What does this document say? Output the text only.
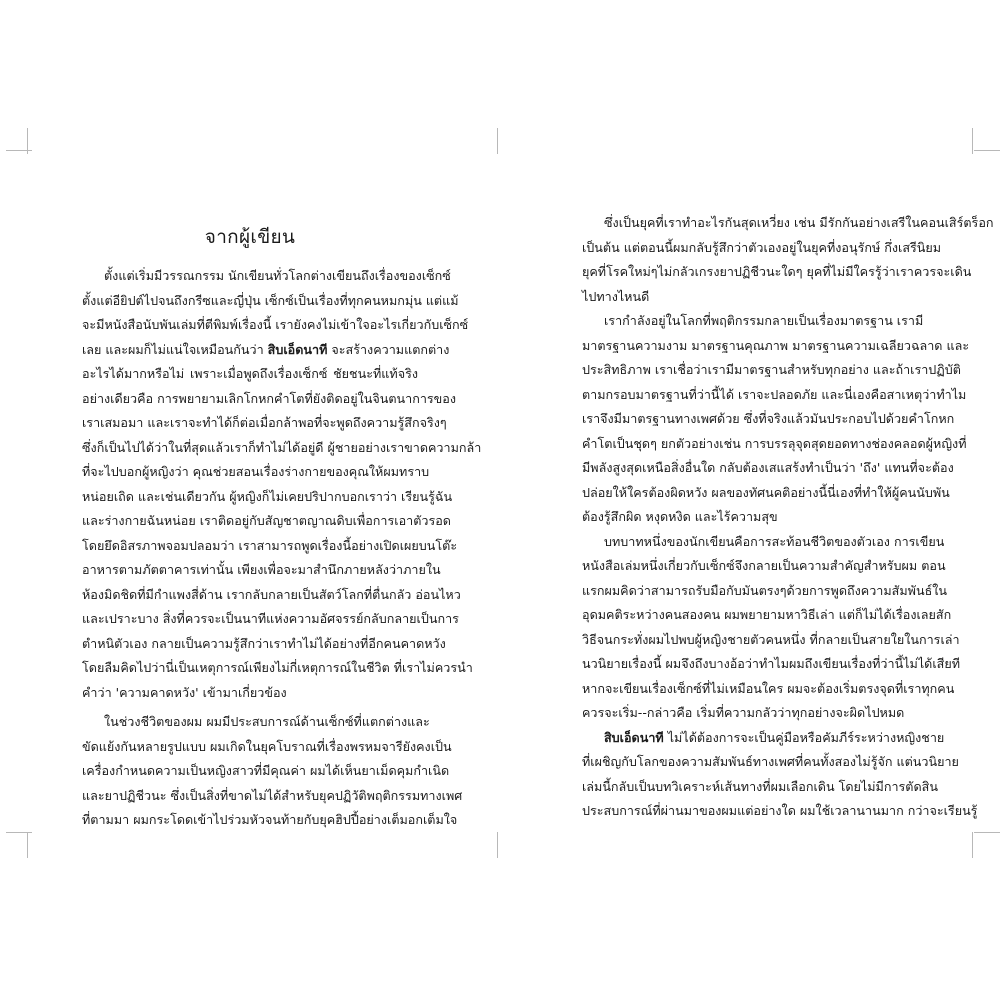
จากผู้เขียน
ตั้งแต่เริ่มมีวรรณกรรม นักเขียนทั่วโลกต่างเขียนถึงเรื่องของเซ็กซ์
ตั้งแต่อียิปต์ไปจนถึงกรีซและญี่ปุ่น เซ็กซ์เป็นเรื่องที่ทุกคนหมกมุ่น แต่แม้
จะมีหนังสือนับพันเล่มที่ตีพิมพ์เรื่องนี้ เรายังคงไม่เข้าใจอะไรเกี่ยวกับเซ็กซ์
เลย และผมก็ไม่แน่ใจเหมือนกันว่า สิบเอ็ดนาที จะสร้างความแตกต่าง
อะไรได้มากหรือไม่ เพราะเมื่อพูดถึงเรื่องเซ็กซ์ ชัยชนะที่แท้จริง
อย่างเดียวคือ การพยายามเลิกโกหกคำโตที่ยังติดอยู่ในจินตนาการของ
เราเสมอมา และเราจะทำได้ก็ต่อเมื่อกล้าพอที่จะพูดถึงความรู้สึกจริงๆ
ซึ่งก็เป็นไปได้ว่าในที่สุดแล้วเราก็ทำไม่ได้อยู่ดี ผู้ชายอย่างเราขาดความกล้า
ที่จะไปบอกผู้หญิงว่า คุณช่วยสอนเรื่องร่างกายของคุณให้ผมทราบ
หน่อยเถิด และเช่นเดียวกัน ผู้หญิงก็ไม่เคยปริปากบอกเราว่า เรียนรู้ฉัน
และร่างกายฉันหน่อย เราติดอยู่กับสัญชาตญาณดิบเพื่อการเอาตัวรอด
โดยยึดอิสรภาพจอมปลอมว่า เราสามารถพูดเรื่องนี้อย่างเปิดเผยบนโต๊ะ
อาหารตามภัตตาคารเท่านั้น เพียงเพื่อจะมาสำนึกภายหลังว่าภายใน
ห้องมิดชิดที่มีกำแพงสี่ด้าน เรากลับกลายเป็นสัตว์โลกที่ตื่นกลัว อ่อนไหว
และเปราะบาง สิ่งที่ควรจะเป็นนาทีแห่งความอัศจรรย์กลับกลายเป็นการ
ตำหนิตัวเอง กลายเป็นความรู้สึกว่าเราทำไม่ได้อย่างที่อีกคนคาดหวัง
โดยลืมคิดไปว่านี่เป็นเหตุการณ์เพียงไม่กี่เหตุการณ์ในชีวิต ที่เราไม่ควรนำ
คำว่า 'ความคาดหวัง' เข้ามาเกี่ยวข้อง
ในช่วงชีวิตของผม ผมมีประสบการณ์ด้านเซ็กซ์ที่แตกต่างและ
ขัดแย้งกันหลายรูปแบบ ผมเกิดในยุคโบราณที่เรื่องพรหมจารียังคงเป็น
เครื่องกำหนดความเป็นหญิงสาวที่มีคุณค่า ผมได้เห็นยาเม็ดคุมกำเนิด
และยาปฏิชีวนะ ซึ่งเป็นสิ่งที่ขาดไม่ได้สำหรับยุคปฏิวัติพฤติกรรมทางเพศ
ที่ตามมา ผมกระโดดเข้าไปร่วมหัวจนท้ายกับยุคฮิปปี้อย่างเต็มอกเต็มใจ
ซึ่งเป็นยุคที่เราทำอะไรกันสุดเหวี่ยง เช่น มีรักกันอย่างเสรีในคอนเสิร์ตร็อก
เป็นต้น แต่ตอนนี้ผมกลับรู้สึกว่าตัวเองอยู่ในยุคที่งอนุรักษ์ กึ่งเสรีนิยม
ยุคที่โรคใหม่ๆไม่กลัวเกรงยาปฏิชีวนะใดๆ ยุคที่ไม่มีใครรู้ว่าเราควรจะเดิน
ไปทางไหนดี
เรากำลังอยู่ในโลกที่พฤติกรรมกลายเป็นเรื่องมาตรฐาน เรามี
มาตรฐานความงาม มาตรฐานคุณภาพ มาตรฐานความเฉลียวฉลาด และ
ประสิทธิภาพ เราเชื่อว่าเรามีมาตรฐานสำหรับทุกอย่าง และถ้าเราปฏิบัติ
ตามกรอบมาตรฐานที่ว่านี้ได้ เราจะปลอดภัย และนี่เองคือสาเหตุว่าทำไม
เราจึงมีมาตรฐานทางเพศด้วย ซึ่งที่จริงแล้วมันประกอบไปด้วยคำโกหก
คำโตเป็นชุดๆ ยกตัวอย่างเช่น การบรรลุจุดสุดยอดทางช่องคลอดผู้หญิงที่
มีพลังสูงสุดเหนือสิ่งอื่นใด กลับต้องเสแสร้งทำเป็นว่า 'ถึง' แทนที่จะต้อง
ปล่อยให้ใครต้องผิดหวัง ผลของทัศนคติอย่างนี้นี่เองที่ทำให้ผู้คนนับพัน
ต้องรู้สึกผิด หงุดหงิด และไร้ความสุข
บทบาทหนึ่งของนักเขียนคือการสะท้อนชีวิตของตัวเอง การเขียน
หนังสือเล่มหนึ่งเกี่ยวกับเซ็กซ์จึงกลายเป็นความสำคัญสำหรับผม ตอน
แรกผมคิดว่าสามารถรับมือกับมันตรงๆด้วยการพูดถึงความสัมพันธ์ใน
อุดมคติระหว่างคนสองคน ผมพยายามหาวิธีเล่า แต่ก็ไม่ได้เรื่องเลยสัก
วิธีจนกระทั่งผมไปพบผู้หญิงชายตัวคนหนึ่ง ที่กลายเป็นสายใยในการเล่า
นวนิยายเรื่องนี้ ผมจึงถึงบางอ้อว่าทำไมผมถึงเขียนเรื่องที่ว่านี้ไม่ได้เสียที
หากจะเขียนเรื่องเซ็กซ์ที่ไม่เหมือนใคร ผมจะต้องเริ่มตรงจุดที่เราทุกคน
ควรจะเริ่ม--กล่าวคือ เริ่มที่ความกลัวว่าทุกอย่างจะผิดไปหมด
สิบเอ็ดนาที ไม่ได้ต้องการจะเป็นคู่มือหรือคัมภีร์ระหว่างหญิงชาย
ที่เผชิญกับโลกของความสัมพันธ์ทางเพศที่คนทั้งสองไม่รู้จัก แต่นวนิยาย
เล่มนี้กลับเป็นบทวิเคราะห์เส้นทางที่ผมเลือกเดิน โดยไม่มีการตัดสิน
ประสบการณ์ที่ผ่านมาของผมแต่อย่างใด ผมใช้เวลานานมาก กว่าจะเรียนรู้
